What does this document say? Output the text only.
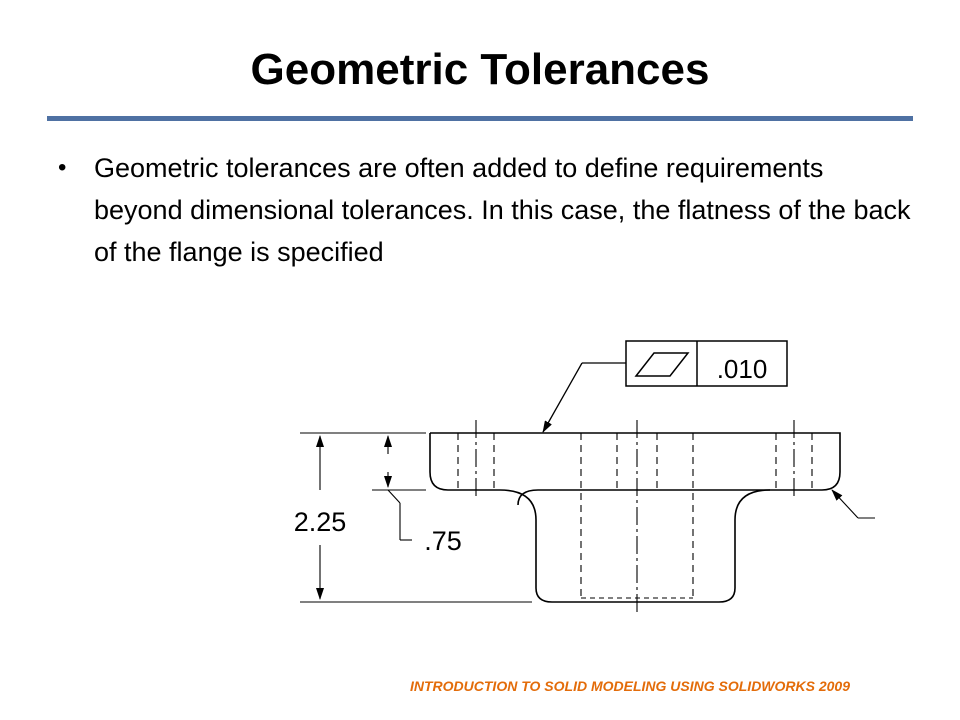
Geometric Tolerances
• Geometric tolerances are often added to define requirements beyond dimensional tolerances. In this case, the flatness of the back of the flange is specified
.010
2.25
.75
INTRODUCTION TO SOLID MODELING USING SOLIDWORKS 2009
